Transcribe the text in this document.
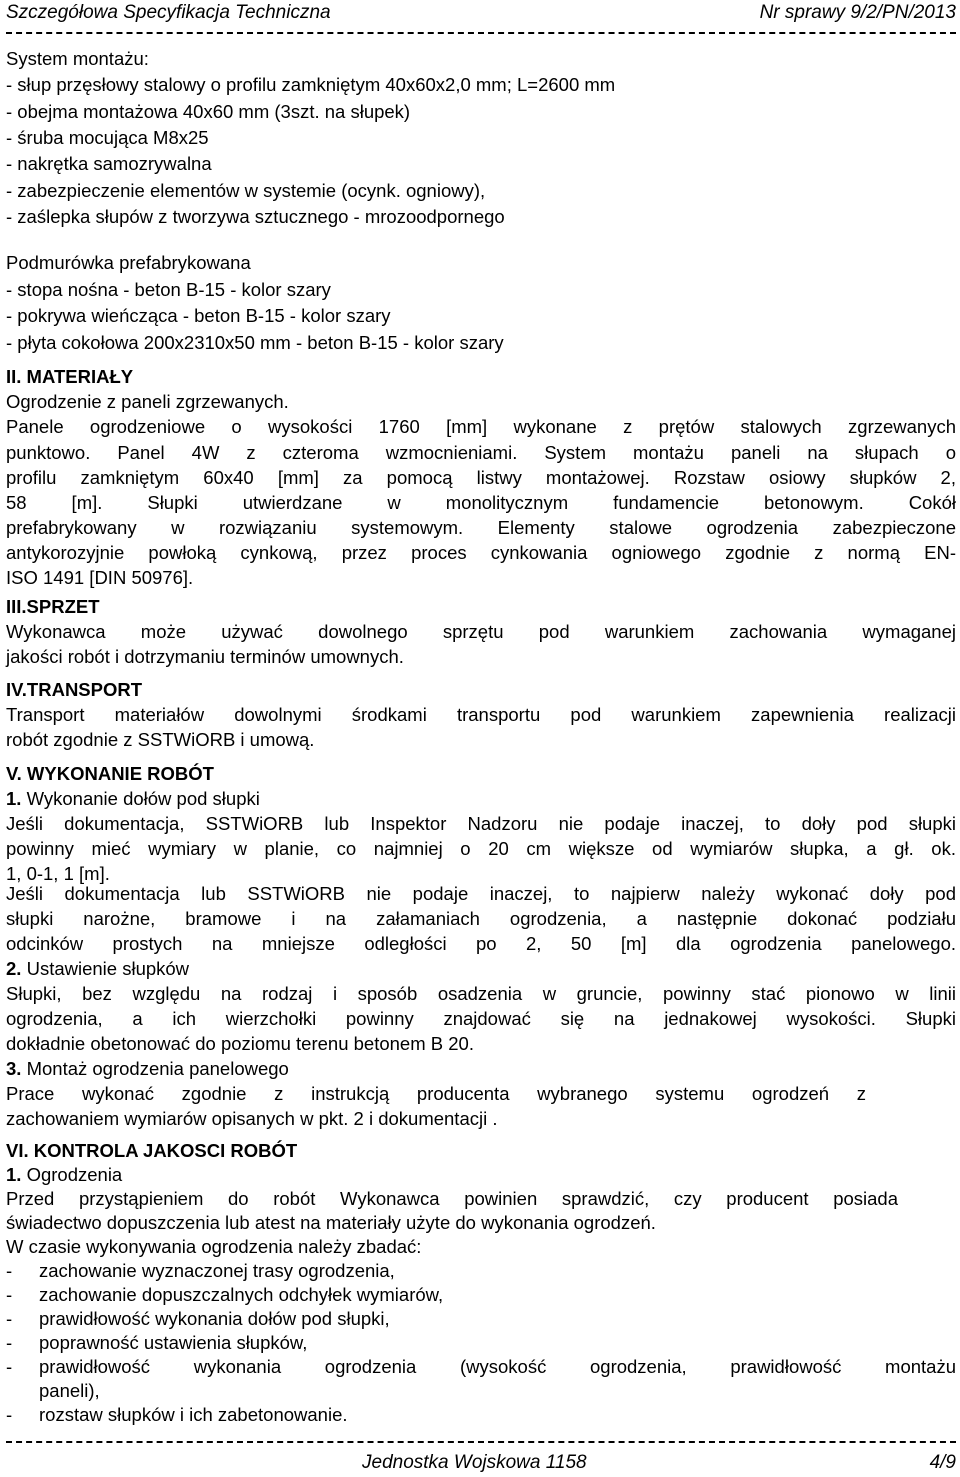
Szczegółowa Specyfikacja Techniczna	Nr sprawy 9/2/PN/2013
System montażu:
- słup przęsłowy stalowy o profilu zamkniętym 40x60x2,0 mm; L=2600 mm
- obejma montażowa 40x60 mm (3szt. na słupek)
- śruba mocująca M8x25
- nakrętka samozrywalna
- zabezpieczenie elementów w systemie (ocynk. ogniowy),
- zaślepka słupów z tworzywa sztucznego - mrozoodpornego
Podmurówka prefabrykowana
- stopa nośna - beton B-15 - kolor szary
- pokrywa wieńcząca - beton B-15 - kolor szary
- płyta cokołowa 200x2310x50 mm - beton B-15 - kolor szary
II. MATERIAŁY
Ogrodzenie z paneli zgrzewanych.
Panele ogrodzeniowe o wysokości 1760 [mm] wykonane z prętów stalowych zgrzewanych
punktowo. Panel 4W z czteroma wzmocnieniami. System montażu paneli na słupach o
profilu zamkniętym 60x40 [mm] za pomocą listwy montażowej. Rozstaw osiowy słupków 2,
58 [m]. Słupki utwierdzane w monolitycznym fundamencie betonowym. Cokół
prefabrykowany w rozwiązaniu systemowym. Elementy stalowe ogrodzenia zabezpieczone
antykorozyjnie powłoką cynkową, przez proces cynkowania ogniowego zgodnie z normą EN-
ISO 1491 [DIN 50976].
III.SPRZET
Wykonawca może używać dowolnego sprzętu pod warunkiem zachowania wymaganej
jakości robót i dotrzymaniu terminów umownych.
IV.TRANSPORT
Transport materiałów dowolnymi środkami transportu pod warunkiem zapewnienia realizacji
robót zgodnie z SSTWiORB i umową.
V. WYKONANIE ROBÓT
1. Wykonanie dołów pod słupki
Jeśli dokumentacja, SSTWiORB lub Inspektor Nadzoru nie podaje inaczej, to doły pod słupki
powinny mieć wymiary w planie, co najmniej o 20 cm większe od wymiarów słupka, a gł. ok.
1, 0-1, 1 [m].
Jeśli dokumentacja lub SSTWiORB nie podaje inaczej, to najpierw należy wykonać doły pod
słupki narożne, bramowe i na załamaniach ogrodzenia, a następnie dokonać podziału
odcinków prostych na mniejsze odległości po 2, 50 [m] dla ogrodzenia panelowego.
2. Ustawienie słupków
Słupki, bez względu na rodzaj i sposób osadzenia w gruncie, powinny stać pionowo w linii
ogrodzenia, a ich wierzchołki powinny znajdować się na jednakowej wysokości. Słupki
dokładnie obetonować do poziomu terenu betonem B 20.
3. Montaż ogrodzenia panelowego
Prace wykonać zgodnie z instrukcją producenta wybranego systemu ogrodzeń z
zachowaniem wymiarów opisanych w pkt. 2 i dokumentacji .
VI. KONTROLA JAKOSCI ROBÓT
1. Ogrodzenia
Przed przystąpieniem do robót Wykonawca powinien sprawdzić, czy producent posiada
świadectwo dopuszczenia lub atest na materiały użyte do wykonania ogrodzeń.
W czasie wykonywania ogrodzenia należy zbadać:
- zachowanie wyznaczonej trasy ogrodzenia,
- zachowanie dopuszczalnych odchyłek wymiarów,
- prawidłowość wykonania dołów pod słupki,
- poprawność ustawienia słupków,
- prawidłowość wykonania ogrodzenia (wysokość ogrodzenia, prawidłowość montażu
paneli),
- rozstaw słupków i ich zabetonowanie.
Jednostka Wojskowa 1158	4/9
